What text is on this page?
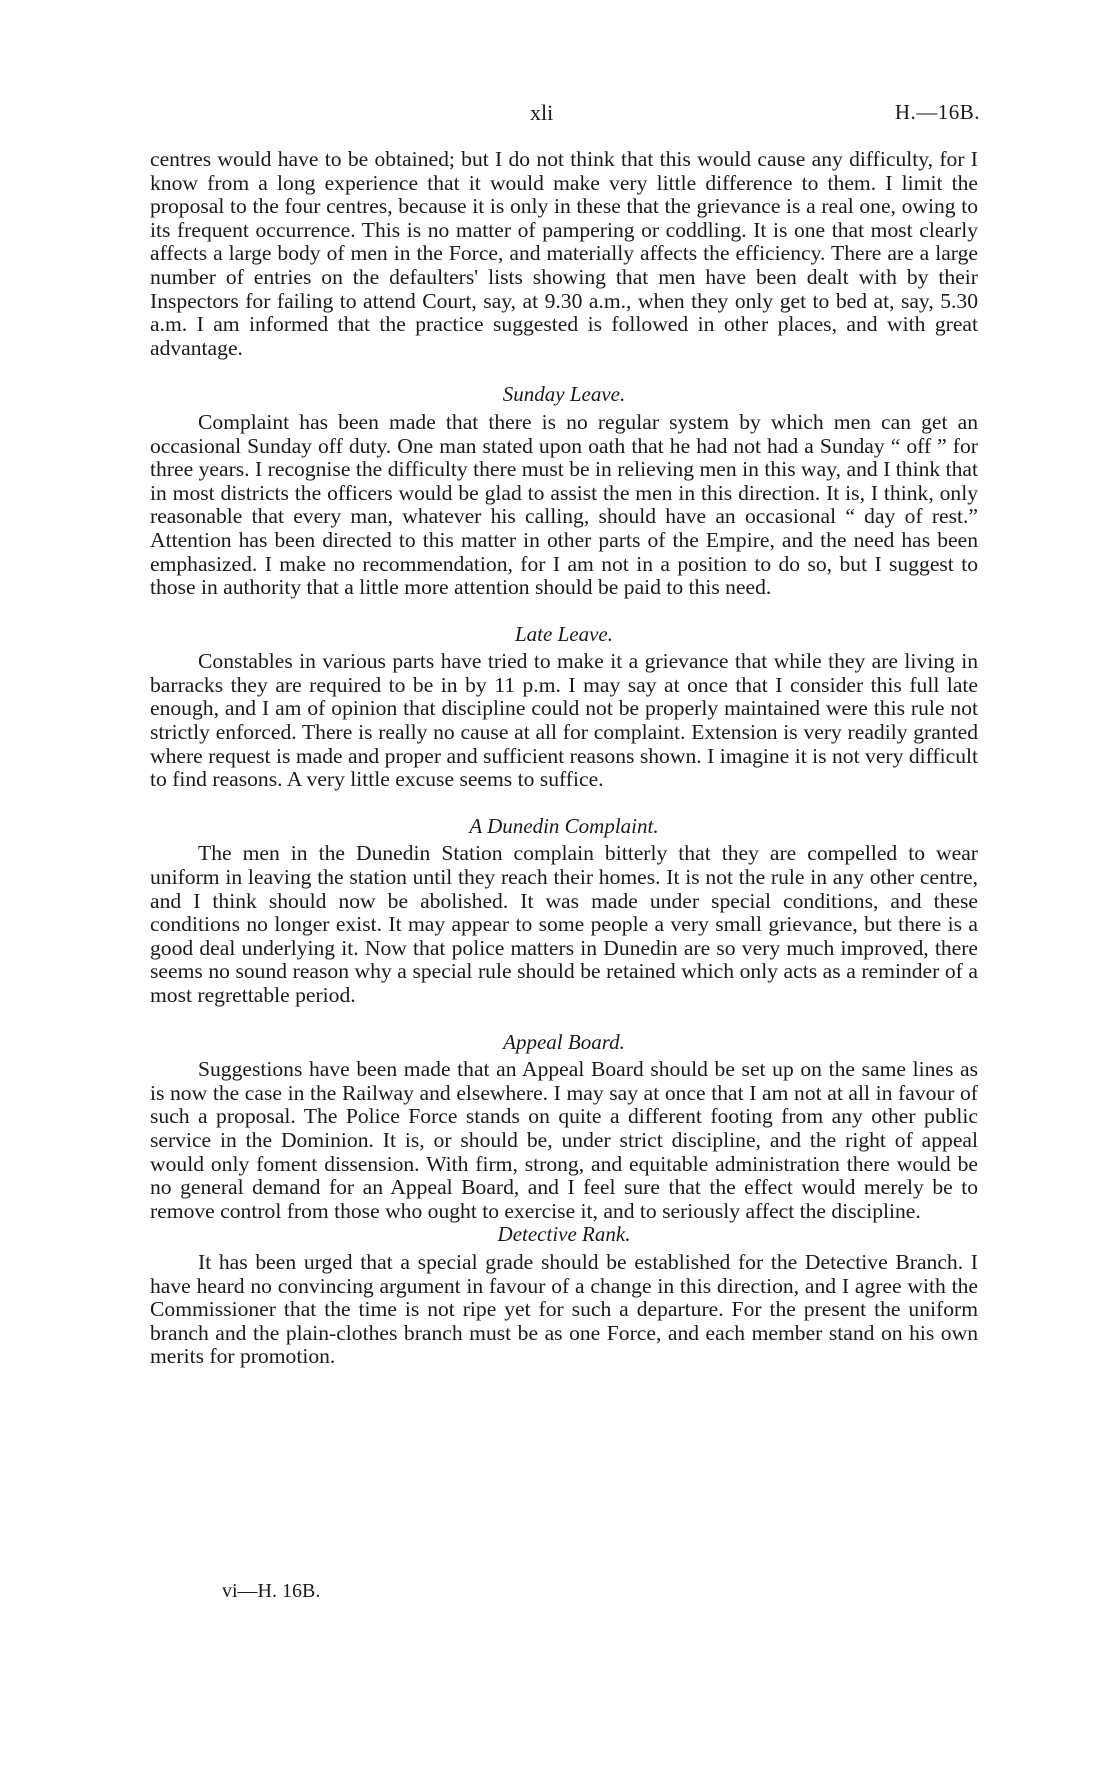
xli	H.—16B.

centres would have to be obtained; but I do not think that this would cause any difficulty, for I know from a long experience that it would make very little difference to them. I limit the proposal to the four centres, because it is only in these that the grievance is a real one, owing to its frequent occurrence. This is no matter of pampering or coddling. It is one that most clearly affects a large body of men in the Force, and materially affects the efficiency. There are a large number of entries on the defaulters' lists showing that men have been dealt with by their Inspectors for failing to attend Court, say, at 9.30 a.m., when they only get to bed at, say, 5.30 a.m. I am informed that the practice suggested is followed in other places, and with great advantage.

Sunday Leave.

Complaint has been made that there is no regular system by which men can get an occasional Sunday off duty. One man stated upon oath that he had not had a Sunday “ off ” for three years. I recognise the difficulty there must be in relieving men in this way, and I think that in most districts the officers would be glad to assist the men in this direction. It is, I think, only reasonable that every man, whatever his calling, should have an occasional “ day of rest.” Attention has been directed to this matter in other parts of the Empire, and the need has been emphasized. I make no recommendation, for I am not in a position to do so, but I suggest to those in authority that a little more attention should be paid to this need.

Late Leave.

Constables in various parts have tried to make it a grievance that while they are living in barracks they are required to be in by 11 p.m. I may say at once that I consider this full late enough, and I am of opinion that discipline could not be properly maintained were this rule not strictly enforced. There is really no cause at all for complaint. Extension is very readily granted where request is made and proper and sufficient reasons shown. I imagine it is not very difficult to find reasons. A very little excuse seems to suffice.

A Dunedin Complaint.

The men in the Dunedin Station complain bitterly that they are compelled to wear uniform in leaving the station until they reach their homes. It is not the rule in any other centre, and I think should now be abolished. It was made under special conditions, and these conditions no longer exist. It may appear to some people a very small grievance, but there is a good deal underlying it. Now that police matters in Dunedin are so very much improved, there seems no sound reason why a special rule should be retained which only acts as a reminder of a most regrettable period.

Appeal Board.

Suggestions have been made that an Appeal Board should be set up on the same lines as is now the case in the Railway and elsewhere. I may say at once that I am not at all in favour of such a proposal. The Police Force stands on quite a different footing from any other public service in the Dominion. It is, or should be, under strict discipline, and the right of appeal would only foment dissension. With firm, strong, and equitable administration there would be no general demand for an Appeal Board, and I feel sure that the effect would merely be to remove control from those who ought to exercise it, and to seriously affect the discipline.

Detective Rank.

It has been urged that a special grade should be established for the Detective Branch. I have heard no convincing argument in favour of a change in this direction, and I agree with the Commissioner that the time is not ripe yet for such a departure. For the present the uniform branch and the plain-clothes branch must be as one Force, and each member stand on his own merits for promotion.

vi—H. 16B.
